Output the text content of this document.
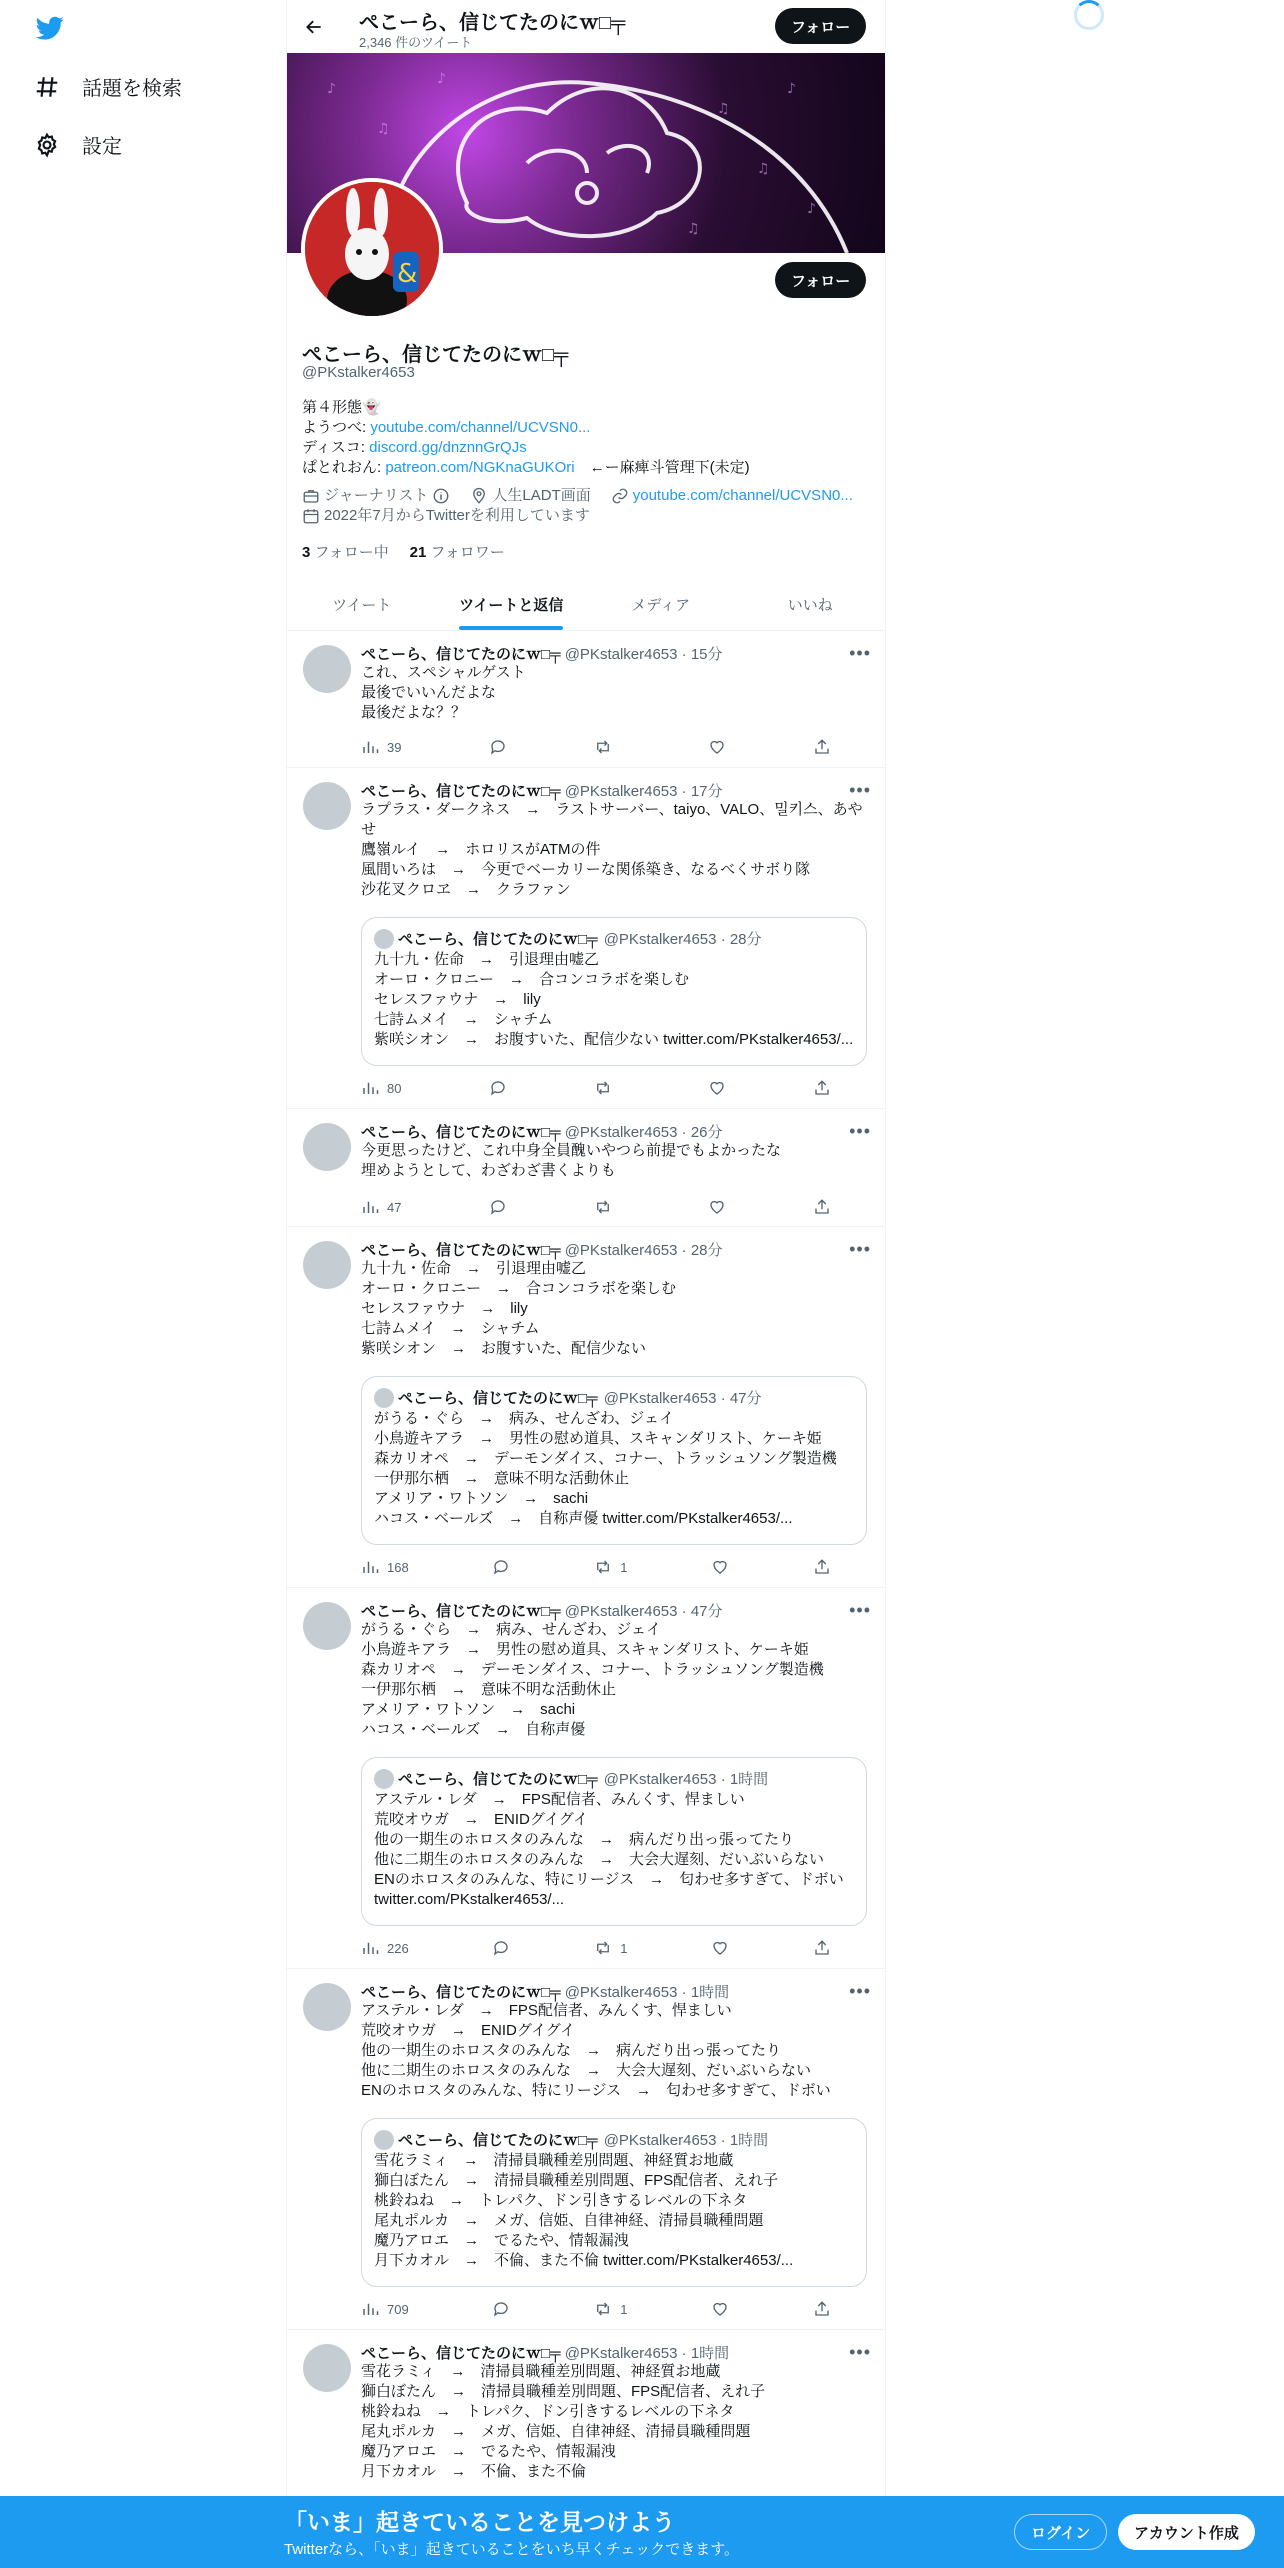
話題を検索
設定
ぺこーら、信じてたのにｗ□╤
2,346 件のツイート
フォロー
♪
♫
♪
♫
♪
♫
♪
♫
&	フォロー
ぺこーら、信じてたのにｗ□╤
@PKstalker4653
第４形態👻
ようつべ: youtube.com/channel/UCVSN0...
ディスコ: discord.gg/dnznnGrQJs
ぱとれおん: patreon.com/NGKnaGUKOri　←ー麻痺斗管理下(未定)
ジャーナリスト	人生LADT画面	youtube.com/channel/UCVSN0...
2022年7月からTwitterを利用しています
3 フォロー中 21 フォロワー
ツイート	ツイートと返信	メディア	いいね
ぺこーら、信じてたのにｗ□╤ @PKstalker4653 · 15分	•••
これ、スペシャルゲスト
最後でいいんだよな
最後だよな？？
39
ぺこーら、信じてたのにｗ□╤ @PKstalker4653 · 17分	•••
ラプラス・ダークネス　→　ラストサーバー、taiyo、VALO、밀키스、あやせ
鷹嶺ルイ　→　ホロリスがATMの件
風間いろは　→　今更でベーカリーな関係築き、なるべくサボり隊
沙花叉クロヱ　→　クラファン
ぺこーら、信じてたのにｗ□╤ @PKstalker4653 · 28分
九十九・佐命　→　引退理由嘘乙
オーロ・クロニー　→　合コンコラボを楽しむ
セレスファウナ　→　lily
七詩ムメイ　→　シャチム
紫咲シオン　→　お腹すいた、配信少ない twitter.com/PKstalker4653/...
80
ぺこーら、信じてたのにｗ□╤ @PKstalker4653 · 26分	•••
今更思ったけど、これ中身全員醜いやつら前提でもよかったな
埋めようとして、わざわざ書くよりも
47
ぺこーら、信じてたのにｗ□╤ @PKstalker4653 · 28分	•••
九十九・佐命　→　引退理由嘘乙
オーロ・クロニー　→　合コンコラボを楽しむ
セレスファウナ　→　lily
七詩ムメイ　→　シャチム
紫咲シオン　→　お腹すいた、配信少ない
ぺこーら、信じてたのにｗ□╤ @PKstalker4653 · 47分
がうる・ぐら　→　病み、せんざわ、ジェイ
小鳥遊キアラ　→　男性の慰め道具、スキャンダリスト、ケーキ姫
森カリオペ　→　デーモンダイス、コナー、トラッシュソング製造機
一伊那尓栖　→　意味不明な活動休止
アメリア・ワトソン　→　sachi
ハコス・ベールズ　→　自称声優 twitter.com/PKstalker4653/...
168	1
ぺこーら、信じてたのにｗ□╤ @PKstalker4653 · 47分	•••
がうる・ぐら　→　病み、せんざわ、ジェイ
小鳥遊キアラ　→　男性の慰め道具、スキャンダリスト、ケーキ姫
森カリオペ　→　デーモンダイス、コナー、トラッシュソング製造機
一伊那尓栖　→　意味不明な活動休止
アメリア・ワトソン　→　sachi
ハコス・ベールズ　→　自称声優
ぺこーら、信じてたのにｗ□╤ @PKstalker4653 · 1時間
アステル・レダ　→　FPS配信者、みんくす、悍ましい
荒咬オウガ　→　ENIDグイグイ
他の一期生のホロスタのみんな　→　病んだり出っ張ってたり
他に二期生のホロスタのみんな　→　大会大遅刻、だいぶいらない
ENのホロスタのみんな、特にリージス　→　匂わせ多すぎて、ドボい
twitter.com/PKstalker4653/...
226	1
ぺこーら、信じてたのにｗ□╤ @PKstalker4653 · 1時間	•••
アステル・レダ　→　FPS配信者、みんくす、悍ましい
荒咬オウガ　→　ENIDグイグイ
他の一期生のホロスタのみんな　→　病んだり出っ張ってたり
他に二期生のホロスタのみんな　→　大会大遅刻、だいぶいらない
ENのホロスタのみんな、特にリージス　→　匂わせ多すぎて、ドボい
ぺこーら、信じてたのにｗ□╤ @PKstalker4653 · 1時間
雪花ラミィ　→　清掃員職種差別問題、神経質お地蔵
獅白ぼたん　→　清掃員職種差別問題、FPS配信者、えれ子
桃鈴ねね　→　トレパク、ドン引きするレベルの下ネタ
尾丸ポルカ　→　メガ、信姫、自律神経、清掃員職種問題
魔乃アロエ　→　でるたや、情報漏洩
月下カオル　→　不倫、また不倫 twitter.com/PKstalker4653/...
709	1
ぺこーら、信じてたのにｗ□╤ @PKstalker4653 · 1時間	•••
雪花ラミィ　→　清掃員職種差別問題、神経質お地蔵
獅白ぼたん　→　清掃員職種差別問題、FPS配信者、えれ子
桃鈴ねね　→　トレパク、ドン引きするレベルの下ネタ
尾丸ポルカ　→　メガ、信姫、自律神経、清掃員職種問題
魔乃アロエ　→　でるたや、情報漏洩
月下カオル　→　不倫、また不倫
「いま」起きていることを見つけよう
Twitterなら、「いま」起きていることをいち早くチェックできます。
ログイン	アカウント作成
